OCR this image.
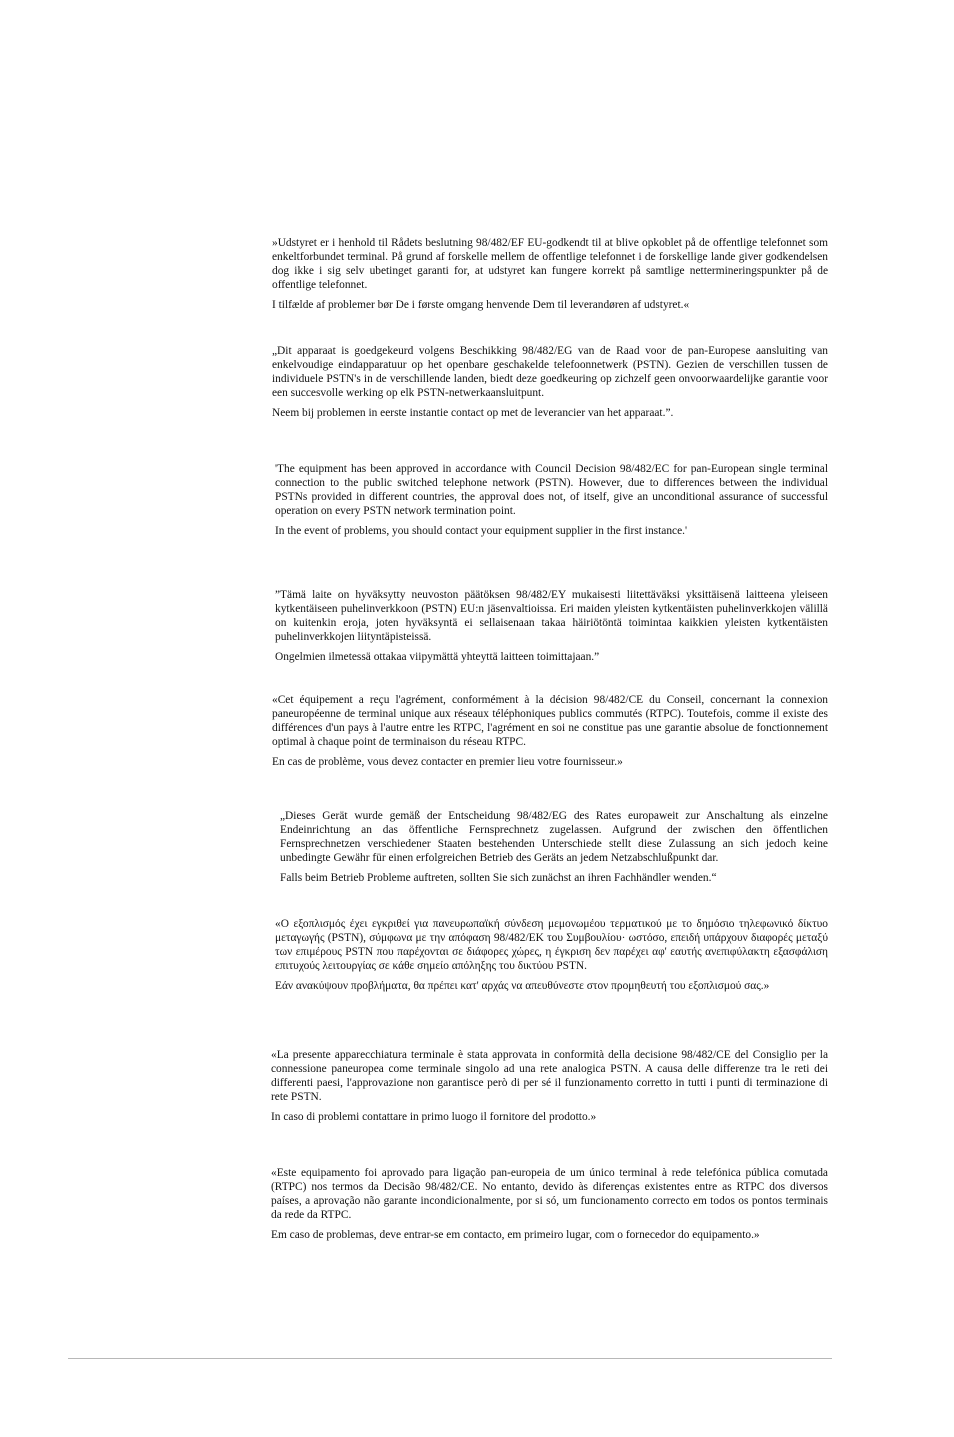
»Udstyret er i henhold til Rådets beslutning 98/482/EF EU-godkendt til at blive opkoblet på de offentlige telefonnet som enkeltforbundet terminal. På grund af forskelle mellem de offentlige telefonnet i de forskellige lande giver godkendelsen dog ikke i sig selv ubetinget garanti for, at udstyret kan fungere korrekt på samtlige nettermineringspunkter på de offentlige telefonnet.

I tilfælde af problemer bør De i første omgang henvende Dem til leverandøren af udstyret.«

„Dit apparaat is goedgekeurd volgens Beschikking 98/482/EG van de Raad voor de pan-Europese aansluiting van enkelvoudige eindapparatuur op het openbare geschakelde telefoonnetwerk (PSTN). Gezien de verschillen tussen de individuele PSTN's in de verschillende landen, biedt deze goedkeuring op zichzelf geen onvoorwaardelijke garantie voor een succesvolle werking op elk PSTN-netwerkaansluitpunt.

Neem bij problemen in eerste instantie contact op met de leverancier van het apparaat.”.

'The equipment has been approved in accordance with Council Decision 98/482/EC for pan-European single terminal connection to the public switched telephone network (PSTN). However, due to differences between the individual PSTNs provided in different countries, the approval does not, of itself, give an unconditional assurance of successful operation on every PSTN network termination point.

In the event of problems, you should contact your equipment supplier in the first instance.'

”Tämä laite on hyväksytty neuvoston päätöksen 98/482/EY mukaisesti liitettäväksi yksittäisenä laitteena yleiseen kytkentäiseen puhelinverkkoon (PSTN) EU:n jäsenvaltioissa. Eri maiden yleisten kytkentäisten puhelinverkkojen välillä on kuitenkin eroja, joten hyväksyntä ei sellaisenaan takaa häiriötöntä toimintaa kaikkien yleisten kytkentäisten puhelinverkkojen liityntäpisteissä.

Ongelmien ilmetessä ottakaa viipymättä yhteyttä laitteen toimittajaan.”

«Cet équipement a reçu l'agrément, conformément à la décision 98/482/CE du Conseil, concernant la connexion paneuropéenne de terminal unique aux réseaux téléphoniques publics commutés (RTPC). Toutefois, comme il existe des différences d'un pays à l'autre entre les RTPC, l'agrément en soi ne constitue pas une garantie absolue de fonctionnement optimal à chaque point de terminaison du réseau RTPC.

En cas de problème, vous devez contacter en premier lieu votre fournisseur.»

„Dieses Gerät wurde gemäß der Entscheidung 98/482/EG des Rates europaweit zur Anschaltung als einzelne Endeinrichtung an das öffentliche Fernsprechnetz zugelassen. Aufgrund der zwischen den öffentlichen Fernsprechnetzen verschiedener Staaten bestehenden Unterschiede stellt diese Zulassung an sich jedoch keine unbedingte Gewähr für einen erfolgreichen Betrieb des Geräts an jedem Netzabschlußpunkt dar.

Falls beim Betrieb Probleme auftreten, sollten Sie sich zunächst an ihren Fachhändler wenden.“

«Ο εξοπλισμός έχει εγκριθεί για πανευρωπαϊκή σύνδεση μεμονωμέου τερματικού με το δημόσιο τηλεφωνικό δίκτυο μεταγωγής (PSTN), σύμφωνα με την απόφαση 98/482/ΕΚ του Συμβουλίου· ωστόσο, επειδή υπάρχουν διαφορές μεταξύ των επιμέρους PSTN που παρέχονται σε διάφορες χώρες, η έγκριση δεν παρέχει αφ' εαυτής ανεπιφύλακτη εξασφάλιση επιτυχούς λειτουργίας σε κάθε σημείο απόληξης του δικτύου PSTN.

Εάν ανακύψουν προβλήματα, θα πρέπει κατ' αρχάς να απευθύνεστε στον προμηθευτή του εξοπλισμού σας.»

«La presente apparecchiatura terminale è stata approvata in conformità della decisione 98/482/CE del Consiglio per la connessione paneuropea come terminale singolo ad una rete analogica PSTN. A causa delle differenze tra le reti dei differenti paesi, l'approvazione non garantisce però di per sé il funzionamento corretto in tutti i punti di terminazione di rete PSTN.

In caso di problemi contattare in primo luogo il fornitore del prodotto.»

«Este equipamento foi aprovado para ligação pan-europeia de um único terminal à rede telefónica pública comutada (RTPC) nos termos da Decisão 98/482/CE. No entanto, devido às diferenças existentes entre as RTPC dos diversos países, a aprovação não garante incondicionalmente, por si só, um funcionamento correcto em todos os pontos terminais da rede da RTPC.

Em caso de problemas, deve entrar-se em contacto, em primeiro lugar, com o fornecedor do equipamento.»
